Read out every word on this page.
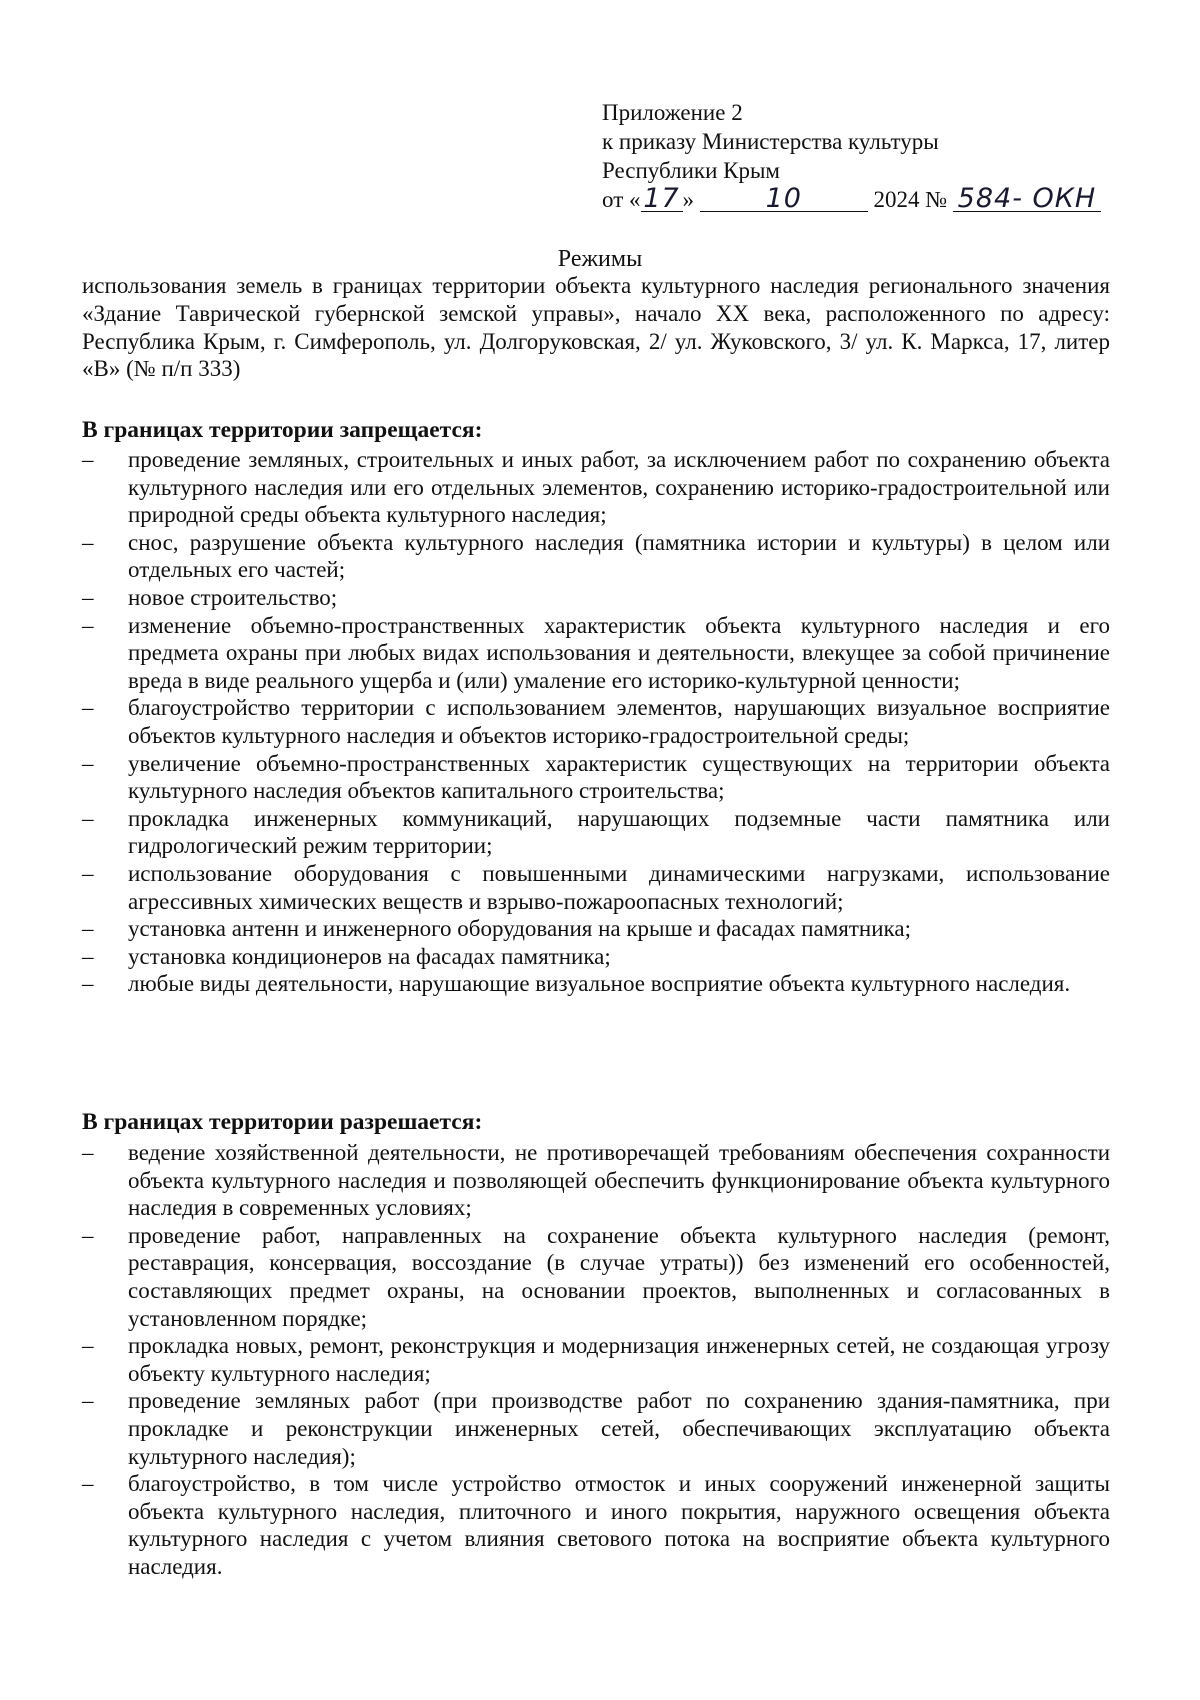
Приложение 2
к приказу Министерства культуры
Республики Крым
от « 17 »	10	2024 № 584- ОКН
Режимы
использования земель в границах территории объекта культурного наследия регионального значения «Здание Таврической губернской земской управы», начало XX века, расположенного по адресу: Республика Крым, г. Симферополь, ул. Долгоруковская, 2/ ул. Жуковского, 3/ ул. К. Маркса, 17, литер «В» (№ п/п 333)
В границах территории запрещается:
–	проведение земляных, строительных и иных работ, за исключением работ по сохранению объекта культурного наследия или его отдельных элементов, сохранению историко-градостроительной или природной среды объекта культурного наследия;
–	снос, разрушение объекта культурного наследия (памятника истории и культуры) в целом или отдельных его частей;
–	новое строительство;
–	изменение объемно-пространственных характеристик объекта культурного наследия и его предмета охраны при любых видах использования и деятельности, влекущее за собой причинение вреда в виде реального ущерба и (или) умаление его историко-культурной ценности;
–	благоустройство территории с использованием элементов, нарушающих визуальное восприятие объектов культурного наследия и объектов историко-градостроительной среды;
–	увеличение объемно-пространственных характеристик существующих на территории объекта культурного наследия объектов капитального строительства;
–	прокладка инженерных коммуникаций, нарушающих подземные части памятника или гидрологический режим территории;
–	использование оборудования с повышенными динамическими нагрузками, использование агрессивных химических веществ и взрыво-пожароопасных технологий;
–	установка антенн и инженерного оборудования на крыше и фасадах памятника;
–	установка кондиционеров на фасадах памятника;
–	любые виды деятельности, нарушающие визуальное восприятие объекта культурного наследия.
В границах территории разрешается:
–	ведение хозяйственной деятельности, не противоречащей требованиям обеспечения сохранности объекта культурного наследия и позволяющей обеспечить функционирование объекта культурного наследия в современных условиях;
–	проведение работ, направленных на сохранение объекта культурного наследия (ремонт, реставрация, консервация, воссоздание (в случае утраты)) без изменений его особенностей, составляющих предмет охраны, на основании проектов, выполненных и согласованных в установленном порядке;
–	прокладка новых, ремонт, реконструкция и модернизация инженерных сетей, не создающая угрозу объекту культурного наследия;
–	проведение земляных работ (при производстве работ по сохранению здания-памятника, при прокладке и реконструкции инженерных сетей, обеспечивающих эксплуатацию объекта культурного наследия);
–	благоустройство, в том числе устройство отмосток и иных сооружений инженерной защиты объекта культурного наследия, плиточного и иного покрытия, наружного освещения объекта культурного наследия с учетом влияния светового потока на восприятие объекта культурного наследия.
